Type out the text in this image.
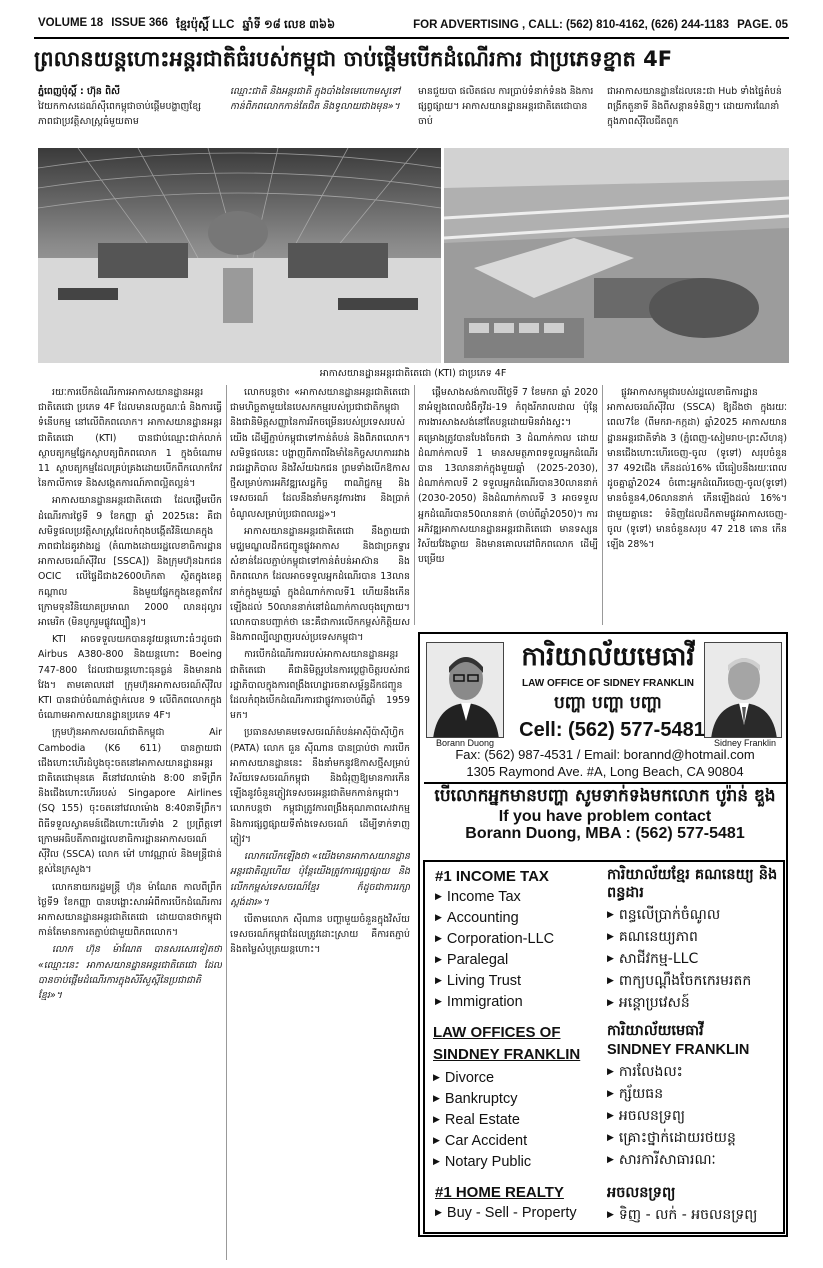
VOLUME 18 ISSUE 366 ខ្មែរប៉ុស្តិ៍ LLC ឆ្នាំទី ១៨ លេខ ៣៦៦	FOR ADVERTISING , CALL: (562) 810-4162, (626) 244-1183 PAGE. 05
ព្រលានយន្តហោះអន្តរជាតិធំរបស់កម្ពុជា ចាប់ផ្តើមបើកដំណើរការ ជាប្រភេទខ្នាត 4F
ភ្នំពេញប៉ុស្តិ៍ : ហ៊ុន ពិសី
វៃយកកាសដេណ៍ស៊ីពេកម្ពុជាចាប់ផ្តើមបង្ហាញខ្សែភាពជាប្រវត្តិសាស្ត្រធំមួយតាម
ឈ្មោះជាតិ និងអន្តរជាតិ ក្នុងបាំងនៃមេហោមសូទៅកាន់ពិភពលោកកាន់តែជិត និងទូលាយជាងមុន»។
មានជួយបា ផលិតផល ការប្រាប់ទំនាក់ទំនង និងការផ្សព្វផ្សាយ។ អាកាសយានដ្ឋានអន្តរជាតិតេជោបានចាប់
ជាអាកាសយានដ្ឋានដែលនេះជា Hub ទាំងផ្ទៃតំបន់ពង្រីកតួនាទី និងពីសន្តានទំនិញ។ ដោយការណែនាំក្នុងភាពស៊ីវិលជីតពួក
អាកាសយានដ្ឋានអន្តរជាតិតេជោ (KTI) ជាប្រភេទ 4F

រយៈការបើកដំណើរការអាកាសយានដ្ឋានអន្តរជាតិតេជោ ប្រភេទ 4F ដែលមានលក្ខណៈធំ និងការធ្វើទំនើបកម្ម នៅលើពិភពលោក។ អាកាសយានដ្ឋានអន្តរជាតិតេជោ (KTI) បានជាប់ឈ្មោះជាក់លាក់ស្ថាបត្យកម្មផ្នែកស្ថាបត្យពិភពលោក 1 ក្នុងចំណោម 11 ស្ថាបត្យកម្មដែលគ្រប់គ្រងដោយបើកពីកលោកកែវនៃកាលីកាទេ និងសង្កេតការណ៍ភាពល្អិតល្អន់។

អាកាសយានដ្ឋានអន្តរជាតិតេជោ ដែលផ្តើមបើកដំណើរការថ្ងៃទី 9 ខែកញ្ញា ឆ្នាំ 2025នេះ គឺជាសមិទ្ធផលប្រវត្តិសាស្ត្រដែលកំពុងបង្កើតវិនិយោគក្នុងភាពជាដៃគូរវាងរដ្ឋ (តំណាងដោយរដ្ឋលេខាធិការដ្ឋានអាកាសចរណ៍ស៊ីវិល [SSCA]) និងក្រុមហ៊ុនឯកជន OCIC លើផ្ទៃដីជាង2600ហិកតា ស្ថិតក្នុងខេត្តកណ្តាល និងមួយផ្នែកក្នុងខេត្តតាកែវ ក្រោមទុនវិនិយោគប្រមាណ 2000 លានដុល្លារអាមេរិក (មិនបូករួមផ្លូវល្បឿន)។

KTI អាចទទួលយកបាននូវយន្តហោះធំៗដូចជា Airbus A380-800 និងយន្តហោះ Boeing 747-800 ដែលជាយន្តហោះធុនធ្ងន់ និងមានរាងវែង។ តាមគោលដៅ ក្រុមហ៊ុនអាកាសចរណ៍ស៊ីវិល KTI បានជាប់ចំណាត់ថ្នាក់លេខ 9 លើពិភពលោកក្នុងចំណោមអាកាសយានដ្ឋានប្រភេទ 4F។

ក្រុមហ៊ុនអាកាសចរណ៍ជាតិកម្ពុជា Air Cambodia (K6 611) បានក្លាយជាជើងហោះហើរដំបូងចុះចតនៅអាកាសយានដ្ឋានអន្តរជាតិតេជោមុនគេ គឺនៅវេលាម៉ោង 8:00 នាទីព្រឹក និងជើងហោះហើររបស់ Singapore Airlines (SQ 155) ចុះចតនៅវេលាម៉ោង 8:40នាទីព្រឹក។ ពិធីទទួលស្វាគមន៍ជើងហោះហើរទាំង 2 ប្រព្រឹត្តទៅក្រោមអធិបតីភាពរដ្ឋលេខាធិការដ្ឋានអាកាសចរណ៍ស៊ីវិល (SSCA) លោក ម៉ៅ ហាវណ្ណាល់ និងមន្ត្រីជាន់ខ្ពស់នៃក្រសួង។

លោកនាយករដ្ឋមន្ត្រី ហ៊ុន ម៉ាណែត កាលពីព្រឹកថ្ងៃទី9 ខែកញ្ញា បានបង្ហោះសារអំពីការបើកដំណើរការអាកាសយានដ្ឋានអន្តរជាតិតេជោ ដោយបានថាកម្ពុជាកាន់តែមានការតភ្ជាប់ជាមួយពិភពលោក។

លោក ហ៊ុន ម៉ាណែត បានសរសេរទៀតថា «ឈ្មោះនេះ អាកាសយានដ្ឋានអន្តរជាតិតេជោ ដែលបានចាប់ផ្តើមដំណើរការក្នុងសិរីសួស្តីនៃប្រជាជាតិខ្មែរ»។

លោកបន្តថា៖ «អាកាសយានដ្ឋានអន្តរជាតិតេជោ ជាមហិច្ឆតាមួយនៃបេសកកម្មរបស់ប្រជាជាតិកម្ពុជា និងជានិមិត្តសញ្ញានៃការរីកចម្រើនរបស់ប្រទេសរបស់យើង ដើម្បីភ្ជាប់កម្ពុជាទៅកាន់តំបន់ និងពិភពលោក។ សមិទ្ធផលនេះ បង្ហាញពីភាពរឹងមាំនៃកិច្ចសហការរវាងរាជរដ្ឋាភិបាល និងវិស័យឯកជន ព្រមទាំងបើកឱកាសថ្មីសម្រាប់ការអភិវឌ្ឍសេដ្ឋកិច្ច ពាណិជ្ជកម្ម និងទេសចរណ៍ ដែលនឹងនាំមកនូវការងារ និងប្រាក់ចំណូលសម្រាប់ប្រជាពលរដ្ឋ»។

អាកាសយានដ្ឋានអន្តរជាតិតេជោ នឹងក្លាយជាមជ្ឈមណ្ឌលដឹកជញ្ជូនផ្លូវអាកាស និងជាច្រកទ្វារសំខាន់ដែលភ្ជាប់កម្ពុជាទៅកាន់តំបន់អាស៊ាន និងពិភពលោក ដែលអាចទទួលអ្នកដំណើរបាន 13លាននាក់ក្នុងមួយឆ្នាំ ក្នុងដំណាក់កាលទី1 ហើយនឹងកើនឡើងដល់ 50លាននាក់នៅដំណាក់កាលចុងក្រោយ។ លោកបានបញ្ជាក់ថា នេះគឺជាការលើកកម្ពស់កិត្តិយស និងភាពល្បីល្បាញរបស់ប្រទេសកម្ពុជា។

ការបើកដំណើរការរបស់អាកាសយានដ្ឋានអន្តរជាតិតេជោ គឺជានិមិត្តរូបនៃការប្តេជ្ញាចិត្តរបស់រាជរដ្ឋាភិបាលក្នុងការពង្រឹងហេដ្ឋារចនាសម្ព័ន្ធដឹកជញ្ជូន ដែលកំពុងបើកដំណើរការជាផ្លូវការចាប់ពីឆ្នាំ 1959 មក។

ប្រធានសមាគមទេសចរណ៍តំបន់អាស៊ីប៉ាស៊ីហ្វិក (PATA) លោក ធួន ស៊ីណាន បានប្រាប់ថា ការបើកអាកាសយានដ្ឋាននេះ នឹងនាំមកនូវឱកាសថ្មីសម្រាប់វិស័យទេសចរណ៍កម្ពុជា និងជំរុញឱ្យមានការកើនឡើងនូវចំនួនភ្ញៀវទេសចរអន្តរជាតិមកកាន់កម្ពុជា។ លោកបន្តថា កម្ពុជាត្រូវការពង្រឹងគុណភាពសេវាកម្ម និងការផ្សព្វផ្សាយទីតាំងទេសចរណ៍ ដើម្បីទាក់ទាញភ្ញៀវ។

លោកលើកឡើងថា «យើងមានអាកាសយានដ្ឋានអន្តរជាតិល្អហើយ ប៉ុន្តែយើងត្រូវការផ្សព្វផ្សាយ និងលើកកម្ពស់ទេសចរណ៍ខ្មែរ ក៏ដូចជាការរក្សាស្តង់ដារ»។

បើតាមលោក ស៊ីណាន បញ្ហាមួយចំនួនក្នុងវិស័យទេសចរណ៍កម្ពុជាដែលត្រូវដោះស្រាយ គឺការតភ្ជាប់ និងតម្លៃសំបុត្រយន្តហោះ។

ផ្តើមសាងសង់កាលពីថ្ងៃទី 7 ខែមករា ឆ្នាំ 2020 នាអំឡុងពេលជំងឺកូវីដ-19 កំពុងរីករាលដាល ប៉ុន្តែការងារសាងសង់នៅតែបន្តដោយមិនរាំងស្ទះ។ គម្រោងត្រូវបានបែងចែកជា 3 ដំណាក់កាល ដោយដំណាក់កាលទី 1 មានសមត្ថភាពទទួលអ្នកដំណើរបាន 13លាននាក់ក្នុងមួយឆ្នាំ (2025-2030), ដំណាក់កាលទី 2 ទទួលអ្នកដំណើរបាន30លាននាក់ (2030-2050) និងដំណាក់កាលទី 3 អាចទទួលអ្នកដំណើរបាន50លាននាក់ (ចាប់ពីឆ្នាំ2050)។ ការអភិវឌ្ឍអាកាសយានដ្ឋានអន្តរជាតិតេជោ មានទស្សនវិស័យវែងឆ្ងាយ និងមានគោលដៅពិភពលោក ដើម្បីបម្រើយ

ផ្លូវអាកាសកម្ពុជារបស់រដ្ឋលេខាធិការដ្ឋានអាកាសចរណ៍ស៊ីវិល (SSCA) ឱ្យដឹងថា ក្នុងរយៈពេល7ខែ (ពីមករា-កក្កដា) ឆ្នាំ2025 អាកាសយានដ្ឋានអន្តរជាតិទាំង 3 (ភ្នំពេញ-សៀមរាប-ព្រះសីហនុ) មានជើងហោះហើរចេញ-ចូល (ទូទៅ) សរុបចំនួន 37 492ជើង កើនដល់16% បើធៀបនឹងរយៈពេលដូចគ្នាឆ្នាំ2024 ចំពោះអ្នកដំណើរចេញ-ចូល(ទូទៅ) មានចំនួន4,06លាននាក់ កើនឡើងដល់ 16%។ ជាមួយគ្នានេះ ទំនិញដែលដឹកតាមផ្លូវអាកាសចេញ-ចូល (ទូទៅ) មានចំនួនសរុប 47 218 តោន កើនឡើង 28%។

Borann Duong	Sidney Franklin
ការិយាល័យមេធាវី
LAW OFFICE OF SIDNEY FRANKLIN
បញ្ហា បញ្ហា បញ្ហា
Cell: (562) 577-5481
Fax: (562) 987-4531 / Email: borannd@hotmail.com
1305 Raymond Ave. #A, Long Beach, CA 90804
បើលោកអ្នកមានបញ្ហា សូមទាក់ទងមកលោក បូរ៉ាន់ ឌួង
If you have problem contact
Borann Duong, MBA : (562) 577-5481
#1 INCOME TAX
▶ Income Tax
▶ Accounting
▶ Corporation-LLC
▶ Paralegal
▶ Living Trust
▶ Immigration
LAW OFFICES OF SINDNEY FRANKLIN
▶ Divorce
▶ Bankruptcy
▶ Real Estate
▶ Car Accident
▶ Notary Public
#1 HOME REALTY
▶ Buy - Sell - Property
ការិយាល័យខ្មែរ គណនេយ្យ និងពន្ធដារ
▶ ពន្ធលើប្រាក់ចំណូល
▶ គណនេយ្យភាព
▶ សាជីវកម្ម-LLC
▶ ពាក្យបណ្តឹងចែកកេរមរតក
▶ អន្តោប្រវេសន៍
ការិយាល័យមេធាវី
SINDNEY FRANKLIN
▶ ការលែងលះ
▶ ក្ស័យធន
▶ អចលនទ្រព្យ
▶ គ្រោះថ្នាក់ដោយរថយន្ត
▶ សារការីសាធារណៈ
អចលនទ្រព្យ
▶ ទិញ - លក់ - អចលនទ្រព្យ
